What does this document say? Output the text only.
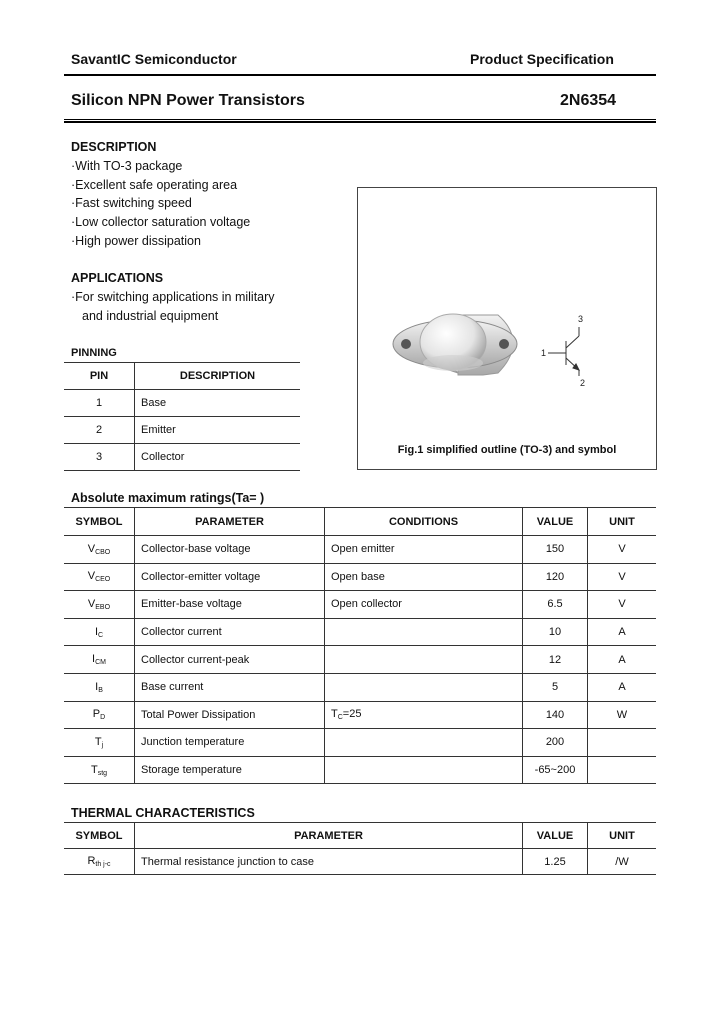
SavantIC Semiconductor	Product Specification
Silicon NPN Power Transistors	2N6354
DESCRIPTION
·With TO-3 package
·Excellent safe operating area
·Fast switching speed
·Low collector saturation voltage
·High power dissipation
APPLICATIONS
·For switching applications in military
and industrial equipment
PINNING
PIN	DESCRIPTION
1	Base
2	Emitter
3	Collector
3
1
2
Fig.1 simplified outline (TO-3) and symbol
Absolute maximum ratings(Ta= )
SYMBOL	PARAMETER	CONDITIONS	VALUE	UNIT
$V_{CBO}$	Collector-base voltage	Open emitter	150	V
$V_{CEO}$	Collector-emitter voltage	Open base	120	V
$V_{EBO}$	Emitter-base voltage	Open collector	6.5	V
$I_C$	Collector current		10	A
$I_{CM}$	Collector current-peak		12	A
$I_B$	Base current		5	A
$P_D$	Total Power Dissipation	$T_C=25$	140	W
$T_j$	Junction temperature		200	
$T_{stg}$	Storage temperature		-65~200	
THERMAL CHARACTERISTICS
SYMBOL	PARAMETER	VALUE	UNIT
$R_{th j-c}$	Thermal resistance junction to case	1.25	/W
